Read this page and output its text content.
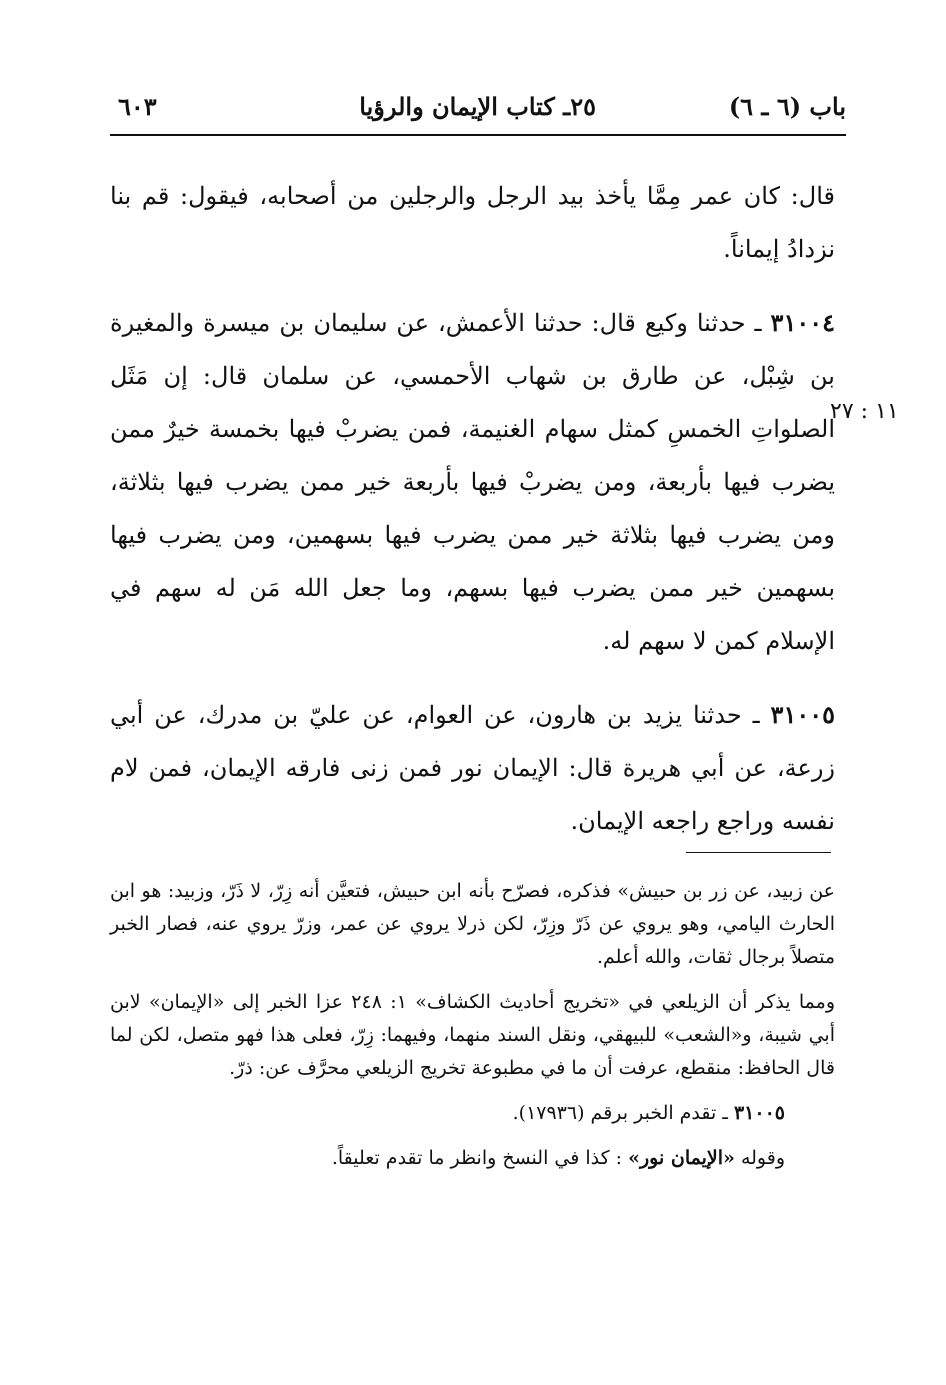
باب (٦ ـ ٦)
٢٥ـ كتاب الإيمان والرؤيا
٦٠٣
١١ : ٢٧

قال: كان عمر مِمَّا يأخذ بيد الرجل والرجلين من أصحابه، فيقول: قم بنا نزدادُ إيماناً.

٣١٠٠٤ ـ حدثنا وكيع قال: حدثنا الأعمش، عن سليمان بن ميسرة والمغيرة بن شِبْل، عن طارق بن شهاب الأحمسي، عن سلمان قال: إن مَثَل الصلواتِ الخمسِ كمثل سهام الغنيمة، فمن يضربْ فيها بخمسة خيرٌ ممن يضرب فيها بأربعة، ومن يضربْ فيها بأربعة خير ممن يضرب فيها بثلاثة، ومن يضرب فيها بثلاثة خير ممن يضرب فيها بسهمين، ومن يضرب فيها بسهمين خير ممن يضرب فيها بسهم، وما جعل الله مَن له سهم في الإسلام كمن لا سهم له.

٣١٠٠٥ ـ حدثنا يزيد بن هارون، عن العوام، عن عليّ بن مدرك، عن أبي زرعة، عن أبي هريرة قال: الإيمان نور فمن زنى فارقه الإيمان، فمن لام نفسه وراجع راجعه الإيمان.

عن زبيد، عن زر بن حبيش» فذكره، فصرّح بأنه ابن حبيش، فتعيَّن أنه زِرّ، لا ذَرّ، وزبيد: هو ابن الحارث اليامي، وهو يروي عن ذَرّ وزِرّ، لكن ذرلا يروي عن عمر، وزرّ يروي عنه، فصار الخبر متصلاً برجال ثقات، والله أعلم.

ومما يذكر أن الزيلعي في «تخريج أحاديث الكشاف» ١: ٢٤٨ عزا الخبر إلى «الإيمان» لابن أبي شيبة، و«الشعب» للبيهقي، ونقل السند منهما، وفيهما: زِرّ، فعلى هذا فهو متصل، لكن لما قال الحافظ: منقطع، عرفت أن ما في مطبوعة تخريج الزيلعي محرَّف عن: ذرّ.

٣١٠٠٥ ـ تقدم الخبر برقم (١٧٩٣٦).

وقوله «الإيمان نور» : كذا في النسخ وانظر ما تقدم تعليقاً.
